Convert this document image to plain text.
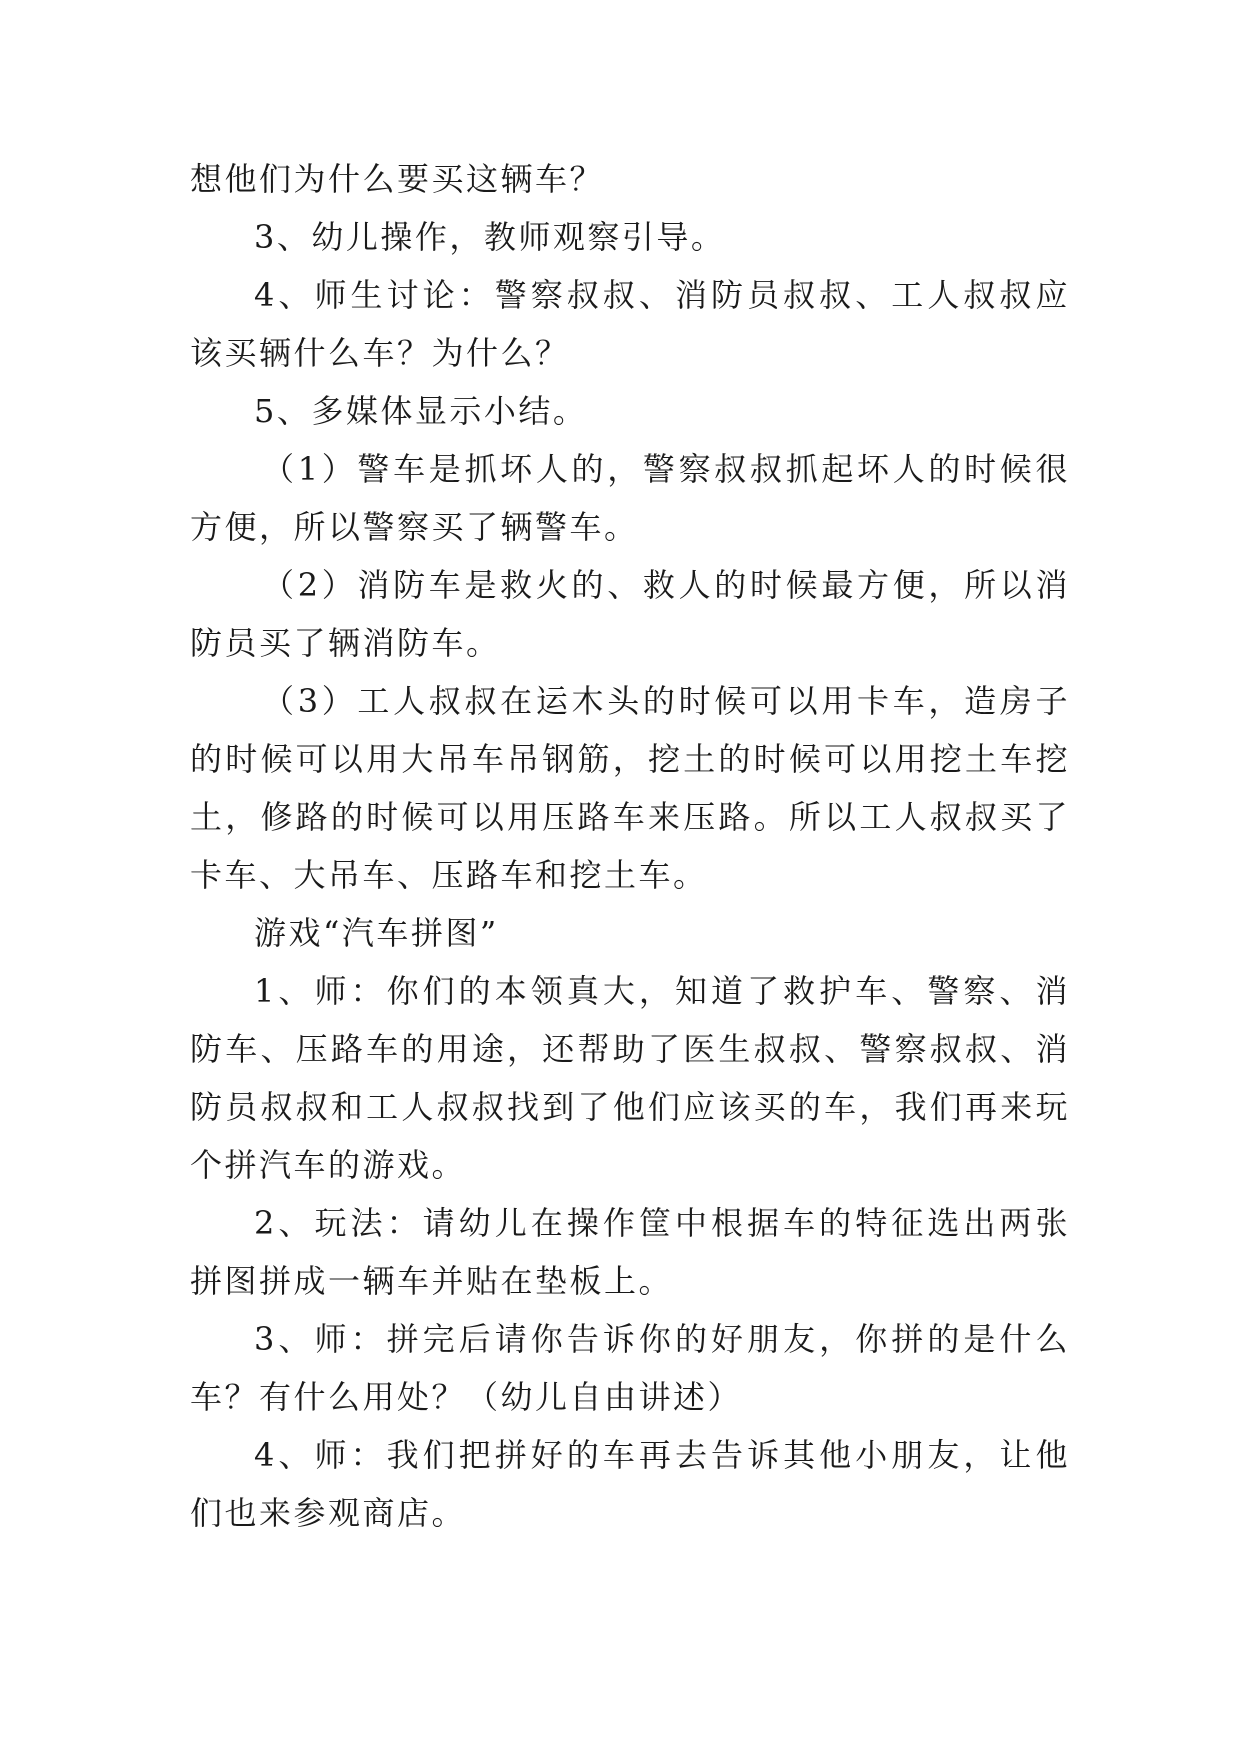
想他们为什么要买这辆车？

3、幼儿操作，教师观察引导。

4、师生讨论：警察叔叔、消防员叔叔、工人叔叔应该买辆什么车？为什么？

5、多媒体显示小结。

（1）警车是抓坏人的，警察叔叔抓起坏人的时候很方便，所以警察买了辆警车。

（2）消防车是救火的、救人的时候最方便，所以消防员买了辆消防车。

（3）工人叔叔在运木头的时候可以用卡车，造房子的时候可以用大吊车吊钢筋，挖土的时候可以用挖土车挖土，修路的时候可以用压路车来压路。所以工人叔叔买了卡车、大吊车、压路车和挖土车。

游戏“汽车拼图”

1、师：你们的本领真大，知道了救护车、警察、消防车、压路车的用途，还帮助了医生叔叔、警察叔叔、消防员叔叔和工人叔叔找到了他们应该买的车，我们再来玩个拼汽车的游戏。

2、玩法：请幼儿在操作筐中根据车的特征选出两张拼图拼成一辆车并贴在垫板上。

3、师：拼完后请你告诉你的好朋友，你拼的是什么车？有什么用处？（幼儿自由讲述）

4、师：我们把拼好的车再去告诉其他小朋友，让他们也来参观商店。
